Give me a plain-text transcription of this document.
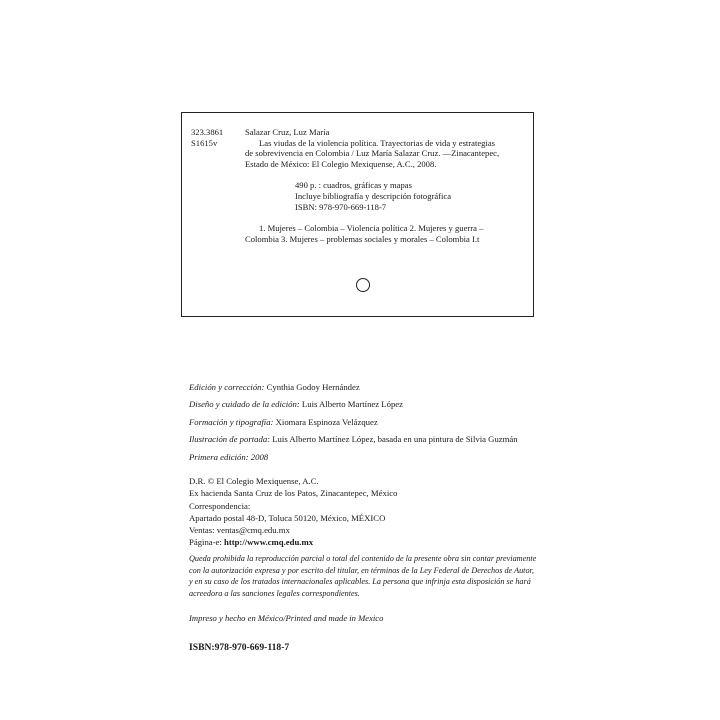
323.3861
S1615v
Salazar Cruz, Luz María
Las viudas de la violencia política. Trayectorias de vida y estrategias
de sobrevivencia en Colombia / Luz María Salazar Cruz. —Zinacantepec,
Estado de México: El Colegio Mexiquense, A.C., 2008.
490 p. : cuadros, gráficas y mapas
Incluye bibliografía y descripción fotográfica
ISBN: 978-970-669-118-7
1. Mujeres – Colombia – Violencia política 2. Mujeres y guerra –
Colombia 3. Mujeres – problemas sociales y morales – Colombia I.t
Edición y corrección: Cynthia Godoy Hernández
Diseño y cuidado de la edición: Luis Alberto Martínez López
Formación y tipografía: Xiomara Espinoza Velázquez
Ilustración de portada: Luis Alberto Martínez López, basada en una pintura de Silvia Guzmán
Primera edición: 2008
D.R. © El Colegio Mexiquense, A.C.
Ex hacienda Santa Cruz de los Patos, Zinacantepec, México
Correspondencia:
Apartado postal 48-D, Toluca 50120, México, MÉXICO
Ventas: ventas@cmq.edu.mx
Página-e: http://www.cmq.edu.mx
Queda prohibida la reproducción parcial o total del contenido de la presente obra sin contar previamente
con la autorización expresa y por escrito del titular, en términos de la Ley Federal de Derechos de Autor,
y en su caso de los tratados internacionales aplicables. La persona que infrinja esta disposición se hará
acreedora a las sanciones legales correspondientes.
Impreso y hecho en México/Printed and made in Mexico
ISBN:978-970-669-118-7
